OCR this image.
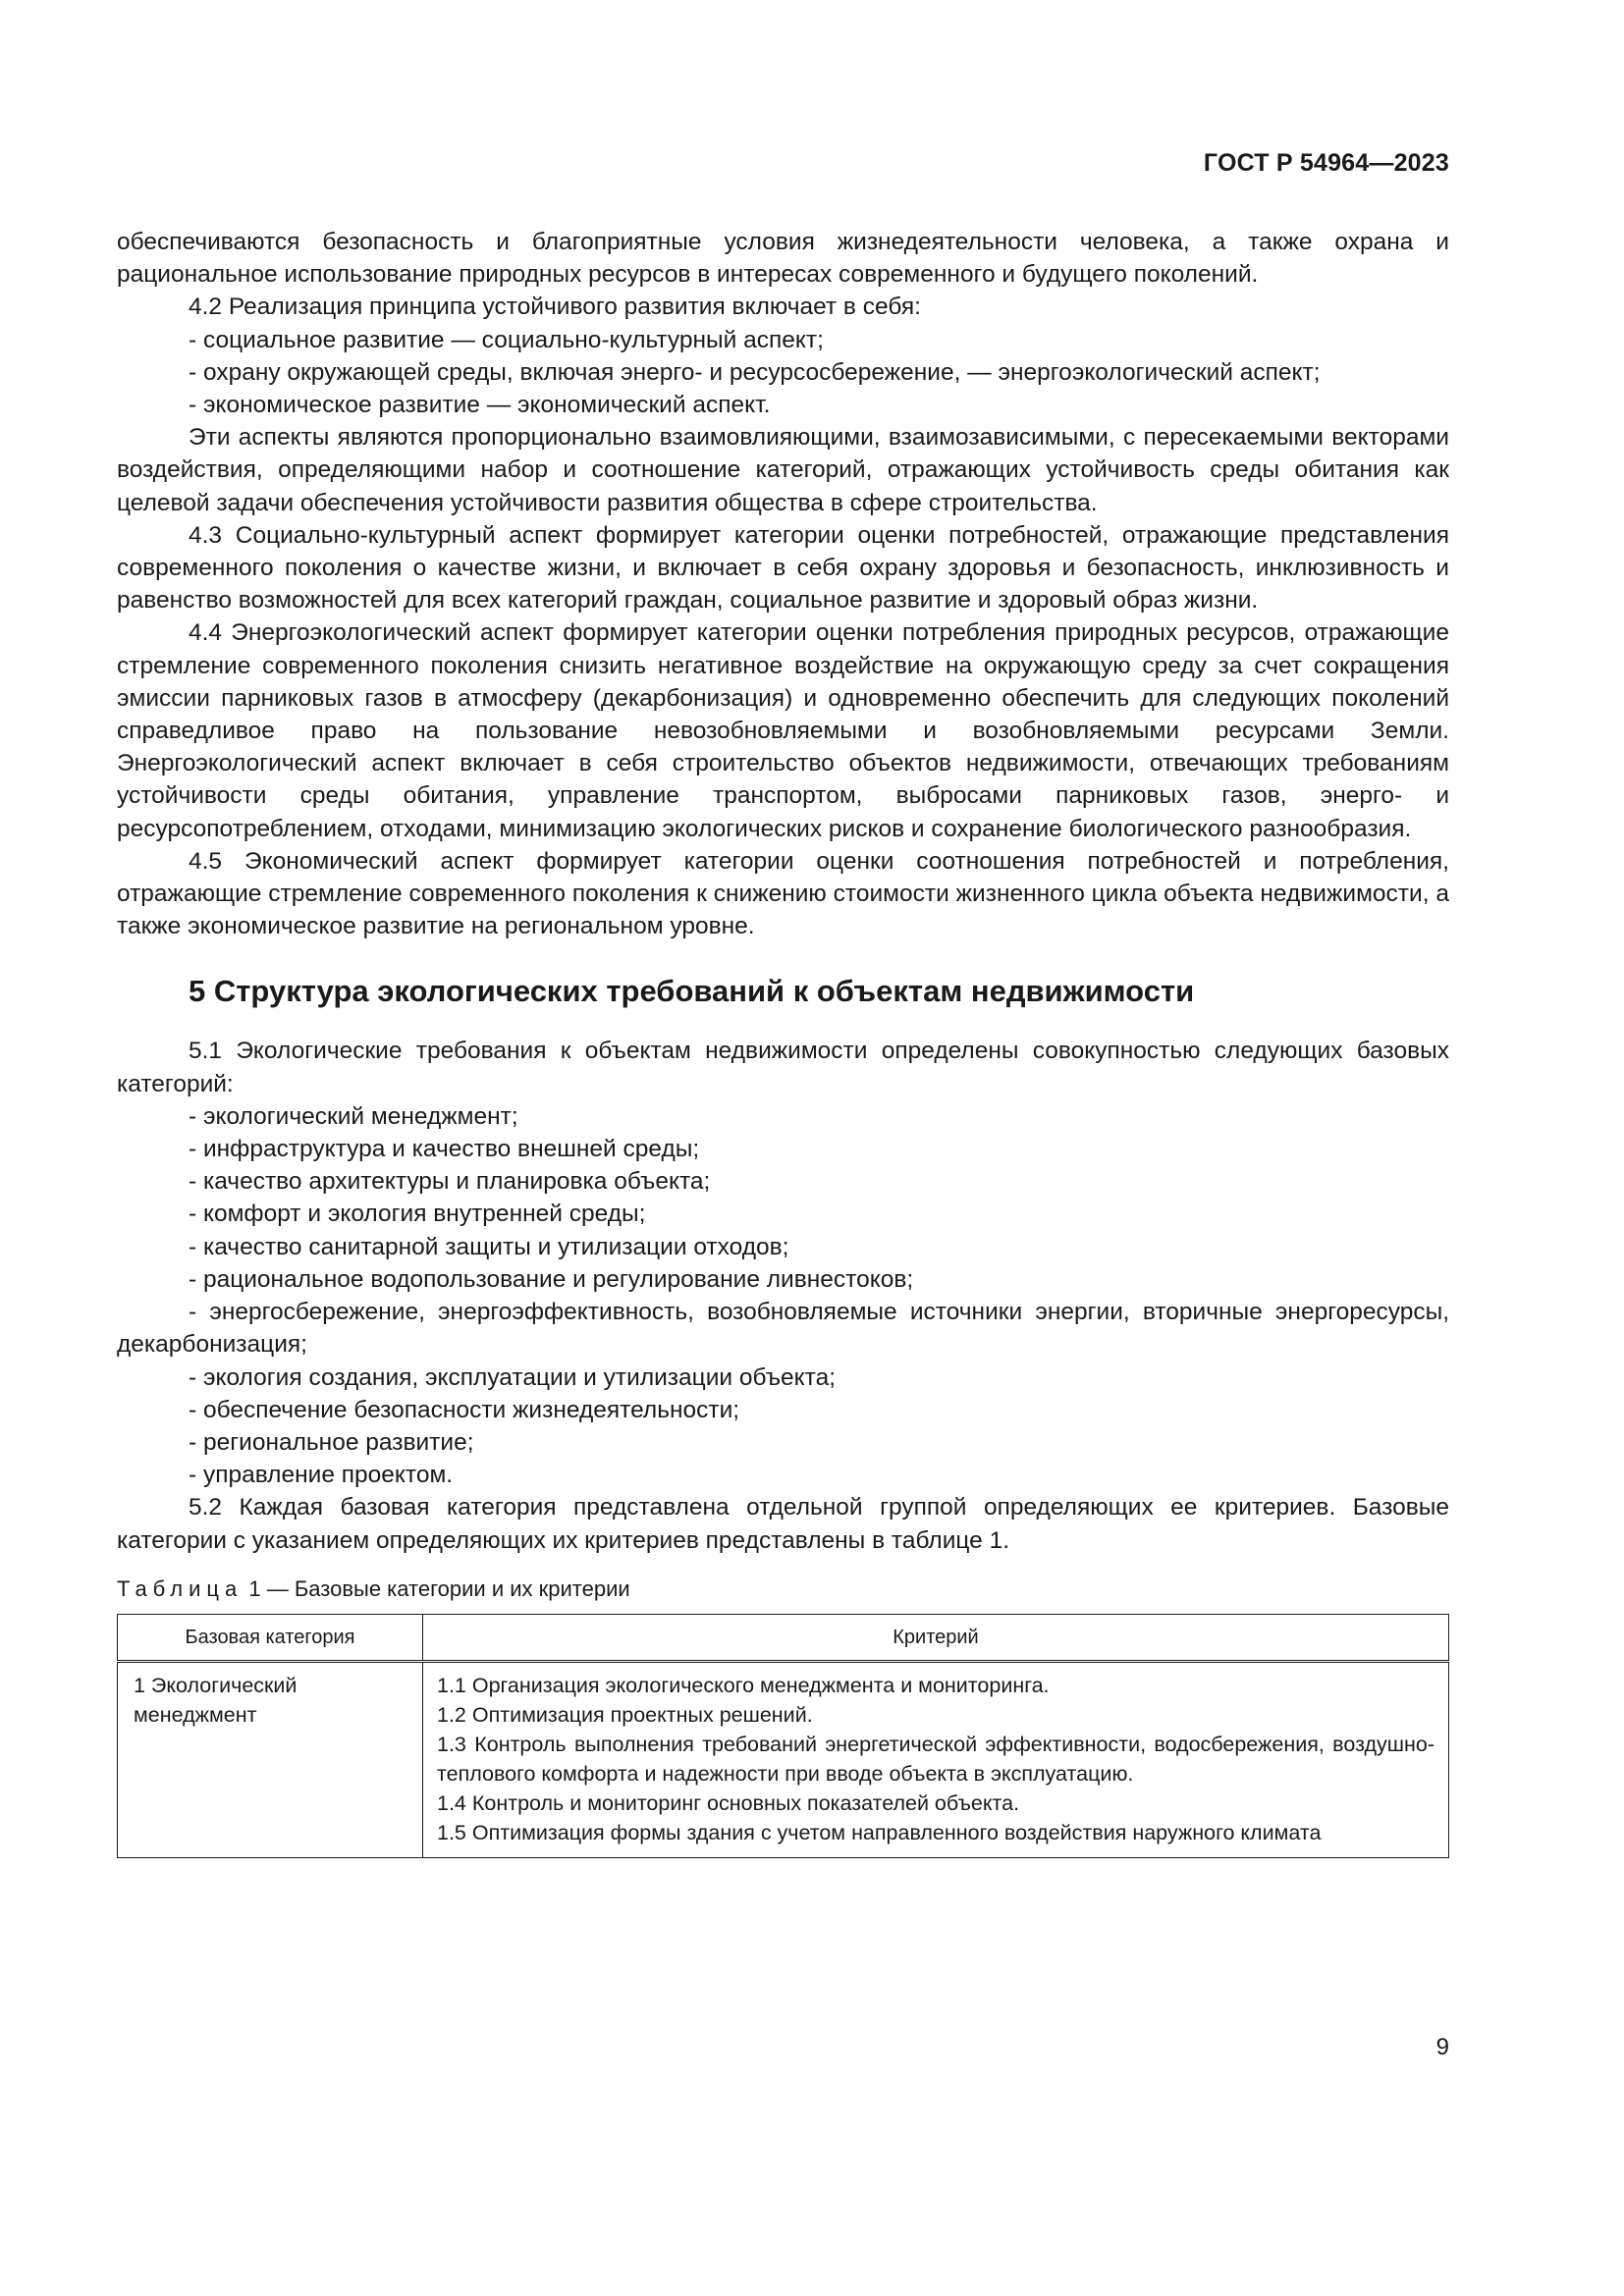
ГОСТ Р 54964—2023

обеспечиваются безопасность и благоприятные условия жизнедеятельности человека, а также охрана и рациональное использование природных ресурсов в интересах современного и будущего поколений.

4.2 Реализация принципа устойчивого развития включает в себя:

- социальное развитие — социально-культурный аспект;

- охрану окружающей среды, включая энерго- и ресурсосбережение, — энергоэкологический аспект;

- экономическое развитие — экономический аспект.

Эти аспекты являются пропорционально взаимовлияющими, взаимозависимыми, с пересекаемыми векторами воздействия, определяющими набор и соотношение категорий, отражающих устойчивость среды обитания как целевой задачи обеспечения устойчивости развития общества в сфере строительства.

4.3 Социально-культурный аспект формирует категории оценки потребностей, отражающие представления современного поколения о качестве жизни, и включает в себя охрану здоровья и безопасность, инклюзивность и равенство возможностей для всех категорий граждан, социальное развитие и здоровый образ жизни.

4.4 Энергоэкологический аспект формирует категории оценки потребления природных ресурсов, отражающие стремление современного поколения снизить негативное воздействие на окружающую среду за счет сокращения эмиссии парниковых газов в атмосферу (декарбонизация) и одновременно обеспечить для следующих поколений справедливое право на пользование невозобновляемыми и возобновляемыми ресурсами Земли. Энергоэкологический аспект включает в себя строительство объектов недвижимости, отвечающих требованиям устойчивости среды обитания, управление транспортом, выбросами парниковых газов, энерго- и ресурсопотреблением, отходами, минимизацию экологических рисков и сохранение биологического разнообразия.

4.5 Экономический аспект формирует категории оценки соотношения потребностей и потребления, отражающие стремление современного поколения к снижению стоимости жизненного цикла объекта недвижимости, а также экономическое развитие на региональном уровне.

5 Структура экологических требований к объектам недвижимости

5.1 Экологические требования к объектам недвижимости определены совокупностью следующих базовых категорий:

- экологический менеджмент;

- инфраструктура и качество внешней среды;

- качество архитектуры и планировка объекта;

- комфорт и экология внутренней среды;

- качество санитарной защиты и утилизации отходов;

- рациональное водопользование и регулирование ливнестоков;

- энергосбережение, энергоэффективность, возобновляемые источники энергии, вторичные энергоресурсы, декарбонизация;

- экология создания, эксплуатации и утилизации объекта;

- обеспечение безопасности жизнедеятельности;

- региональное развитие;

- управление проектом.

5.2 Каждая базовая категория представлена отдельной группой определяющих ее критериев. Базовые категории с указанием определяющих их критериев представлены в таблице 1.

Таблица 1 — Базовые категории и их критерии
Базовая категория	Критерий
1 Экологический менеджмент	1.1 Организация экологического менеджмента и мониторинга.

1.2 Оптимизация проектных решений.

1.3 Контроль выполнения требований энергетической эффективности, водосбережения, воздушно-теплового комфорта и надежности при вводе объекта в эксплуатацию.

1.4 Контроль и мониторинг основных показателей объекта.

1.5 Оптимизация формы здания с учетом направленного воздействия наружного климата

9
